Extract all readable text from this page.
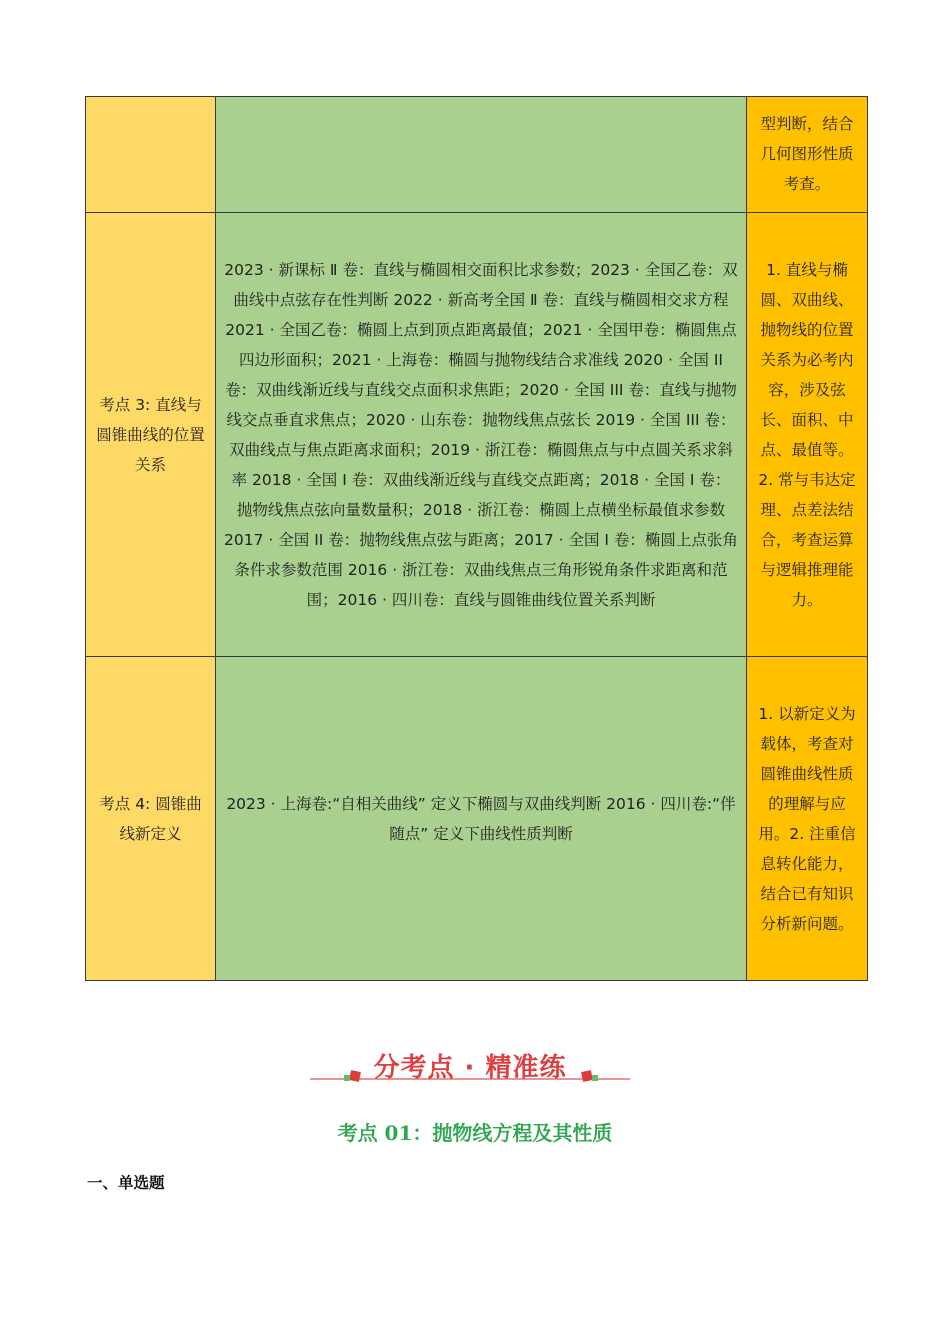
		型判断，结合几何图形性质考查。
考点 3: 直线与圆锥曲线的位置关系	2023 · 新课标 Ⅱ 卷：直线与椭圆相交面积比求参数；2023 · 全国乙卷：双曲线中点弦存在性判断 2022 · 新高考全国 Ⅱ 卷：直线与椭圆相交求方程 2021 · 全国乙卷：椭圆上点到顶点距离最值；2021 · 全国甲卷：椭圆焦点四边形面积；2021 · 上海卷：椭圆与抛物线结合求准线 2020 · 全国 II 卷：双曲线渐近线与直线交点面积求焦距；2020 · 全国 III 卷：直线与抛物线交点垂直求焦点；2020 · 山东卷：抛物线焦点弦长 2019 · 全国 III 卷：双曲线点与焦点距离求面积；2019 · 浙江卷：椭圆焦点与中点圆关系求斜率 2018 · 全国 I 卷：双曲线渐近线与直线交点距离；2018 · 全国 I 卷：抛物线焦点弦向量数量积；2018 · 浙江卷：椭圆上点横坐标最值求参数 2017 · 全国 II 卷：抛物线焦点弦与距离；2017 · 全国 I 卷：椭圆上点张角条件求参数范围 2016 · 浙江卷：双曲线焦点三角形锐角条件求距离和范围；2016 · 四川卷：直线与圆锥曲线位置关系判断	1. 直线与椭圆、双曲线、抛物线的位置关系为必考内容，涉及弦长、面积、中点、最值等。2. 常与韦达定理、点差法结合，考查运算与逻辑推理能力。
考点 4: 圆锥曲线新定义	2023 · 上海卷:“自相关曲线” 定义下椭圆与双曲线判断 2016 · 四川卷:“伴随点” 定义下曲线性质判断	1. 以新定义为载体，考查对圆锥曲线性质的理解与应用。2. 注重信息转化能力，结合已有知识分析新问题。
分考点 · 精准练
考点 01：抛物线方程及其性质
一、单选题
